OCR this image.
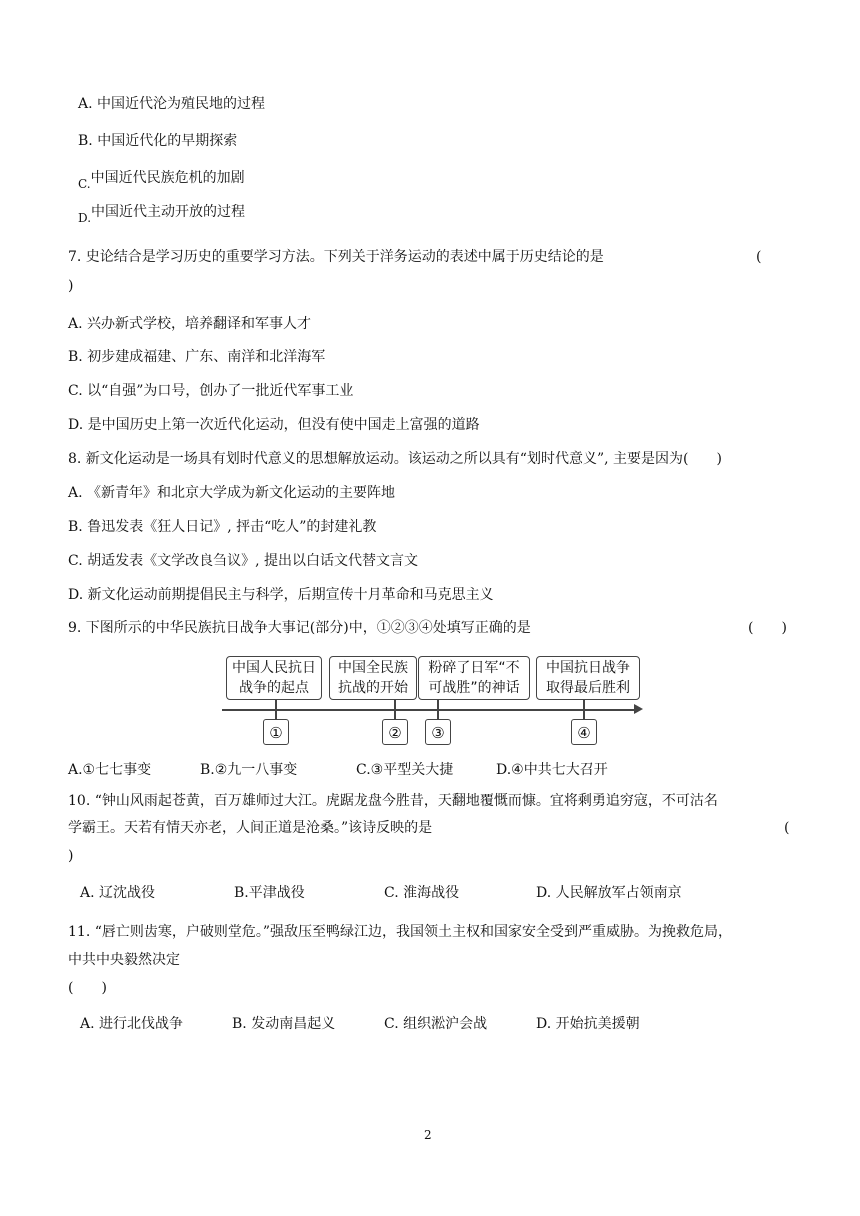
A. 中国近代沦为殖民地的过程
B. 中国近代化的早期探索
C.中国近代民族危机的加剧
D.中国近代主动开放的过程
7. 史论结合是学习历史的重要学习方法。下列关于洋务运动的表述中属于历史结论的是	(
)
A. 兴办新式学校，培养翻译和军事人才
B. 初步建成福建、广东、南洋和北洋海军
C. 以“自强”为口号，创办了一批近代军事工业
D. 是中国历史上第一次近代化运动，但没有使中国走上富强的道路
8. 新文化运动是一场具有划时代意义的思想解放运动。该运动之所以具有“划时代意义”, 主要是因为(　　)
A. 《新青年》和北京大学成为新文化运动的主要阵地
B. 鲁迅发表《狂人日记》, 抨击“吃人”的封建礼教
C. 胡适发表《文学改良刍议》, 提出以白话文代替文言文
D. 新文化运动前期提倡民主与科学，后期宣传十月革命和马克思主义
9. 下图所示的中华民族抗日战争大事记(部分)中，①②③④处填写正确的是	(　　)
中国人民抗日
战争的起点
中国全民族
抗战的开始
粉碎了日军“不
可战胜”的神话
中国抗日战争
取得最后胜利
①	②	③	④
A.①七七事变	B.②九一八事变	C.③平型关大捷	D.④中共七大召开
10. “钟山风雨起苍黄，百万雄师过大江。虎踞龙盘今胜昔，天翻地覆慨而慷。宜将剩勇追穷寇，不可沽名
学霸王。天若有情天亦老，人间正道是沧桑。”该诗反映的是	(
)
A. 辽沈战役	B.平津战役	C. 淮海战役	D. 人民解放军占领南京
11. “唇亡则齿寒，户破则堂危。”强敌压至鸭绿江边，我国领土主权和国家安全受到严重威胁。为挽救危局，
中共中央毅然决定
(　　)
A. 进行北伐战争	B. 发动南昌起义	C. 组织淞沪会战	D. 开始抗美援朝
2
